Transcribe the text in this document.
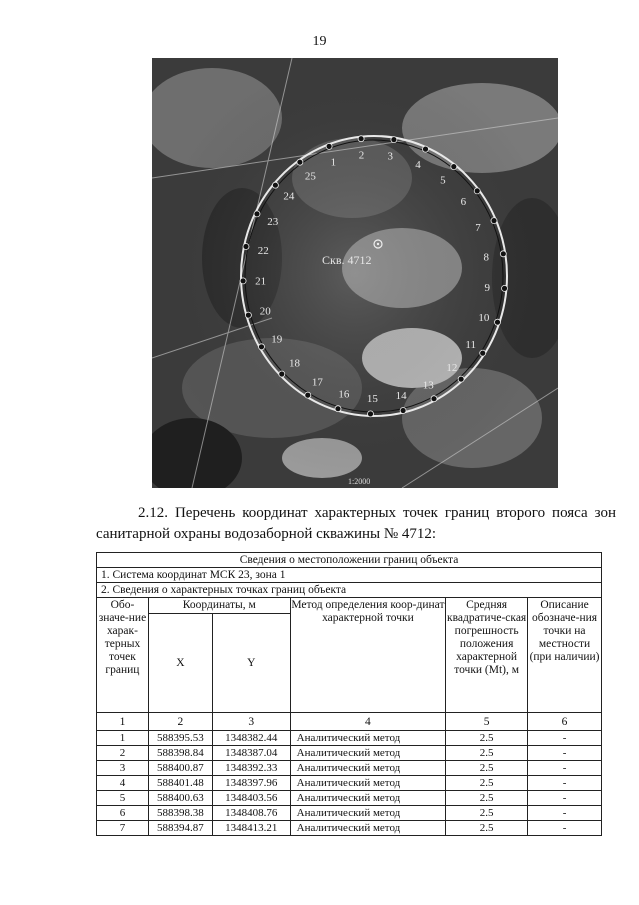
19
1
2 3
4
5
6
7
8
9
10
11
12
13
14
15
16
17
18
19
20
21
22
23
24
25
Скв. 4712
1:2000
2.12. Перечень координат характерных точек границ второго пояса зон
санитарной охраны водозаборной скважины № 4712:
Сведения о местоположении границ объекта					
1. Система координат МСК 23, зона 1					
2. Сведения о характерных точках границ объекта					
Обо-значе-ние харак-терных точек границ	Координаты, м		Метод определения коор-динат характерной точки	Средняя квадратиче-ская погрешность положения характерной точки (Mt), м	Описание обозначе-ния точки на местности (при наличии)
	X	Y			
1	2	3	4	5	6
1	588395.53	1348382.44	Аналитический метод	2.5	-
2	588398.84	1348387.04	Аналитический метод	2.5	-
3	588400.87	1348392.33	Аналитический метод	2.5	-
4	588401.48	1348397.96	Аналитический метод	2.5	-
5	588400.63	1348403.56	Аналитический метод	2.5	-
6	588398.38	1348408.76	Аналитический метод	2.5	-
7	588394.87	1348413.21	Аналитический метод	2.5	-
